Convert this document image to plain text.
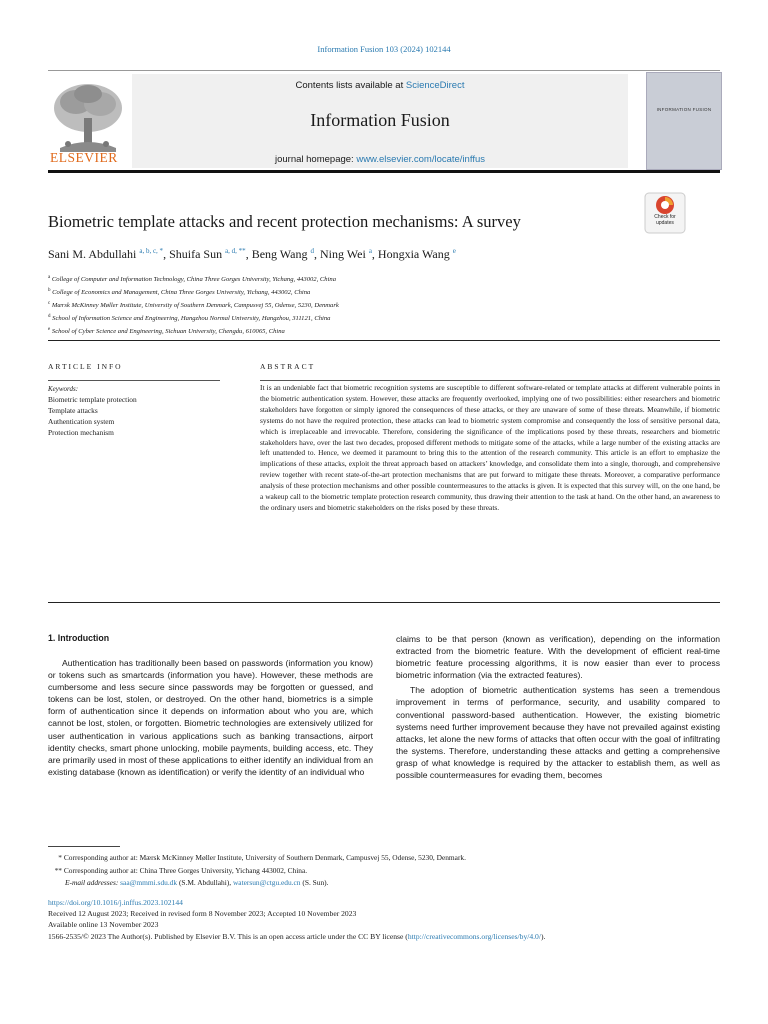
Information Fusion 103 (2024) 102144
ELSEVIER
Contents lists available at ScienceDirect
Information Fusion
journal homepage: www.elsevier.com/locate/inffus
INFORMATION FUSION
Biometric template attacks and recent protection mechanisms: A survey	Check for
updates
Sani M. Abdullahi $^{a, b, c, *}$, Shuifa Sun $^{a, d, **}$, Beng Wang $^d$, Ning Wei $^a$, Hongxia Wang $^e$
$^a$ College of Computer and Information Technology, China Three Gorges University, Yichang, 443002, China
$^b$ College of Economics and Management, China Three Gorges University, Yichang, 443002, China
$^c$ Mærsk McKinney Møller Institute, University of Southern Denmark, Campusvej 55, Odense, 5230, Denmark
$^d$ School of Information Science and Engineering, Hangzhou Normal University, Hangzhou, 311121, China
$^e$ School of Cyber Science and Engineering, Sichuan University, Chengdu, 610065, China
ARTICLE INFO
Keywords:
Biometric template protection
Template attacks
Authentication system
Protection mechanism
ABSTRACT
It is an undeniable fact that biometric recognition systems are susceptible to different software-related or template attacks at different vulnerable points in the biometric authentication system. However, these attacks are frequently overlooked, implying one of two possibilities: either researchers and biometric stakeholders have forgotten or simply ignored the consequences of these attacks, or they are unaware of some of these threats. Meanwhile, if biometric systems do not have the required protection, these attacks can lead to biometric system compromise and consequently the loss of sensitive personal data, which is irreplaceable and irrevocable. Therefore, considering the significance of the implications posed by these threats, researchers and biometric stakeholders have, over the last two decades, proposed different methods to mitigate some of the attacks, while a large number of the existing attacks are left unattended to. Hence, we deemed it paramount to bring this to the attention of the research community. This article is an effort to emphasize the implications of these attacks, exploit the threat approach based on attackers’ knowledge, and consolidate them into a single, thorough, and comprehensive review together with recent state-of-the-art protection mechanisms that are put forward to mitigate these threats. Moreover, a comparative performance analysis of these protection mechanisms and other possible countermeasures to the attacks is given. It is expected that this survey will, on the one hand, be a wakeup call to the biometric template protection research community, thus drawing their attention to the task at hand. On the other hand, an awareness to the ordinary users and biometric stakeholders on the risks posed by these threats.
1. Introduction

Authentication has traditionally been based on passwords (information you know) or tokens such as smartcards (information you have). However, these methods are cumbersome and less secure since passwords may be forgotten or guessed, and tokens can be lost, stolen, or destroyed. On the other hand, biometrics is a simple form of authentication since it depends on information about who you are, which cannot be lost, stolen, or forgotten. Biometric technologies are extensively utilized for user authentication in various applications such as banking transactions, airport identity checks, smart phone unlocking, mobile payments, building access, etc. They are primarily used in most of these applications to either identify an individual from an existing database (known as identification) or verify the identity of an individual who

claims to be that person (known as verification), depending on the information extracted from the biometric feature. With the development of efficient real-time biometric feature processing algorithms, it is now easier than ever to process biometric information (via the extracted features).

The adoption of biometric authentication systems has seen a tremendous improvement in terms of performance, security, and usability compared to conventional password-based authentication. However, the existing biometric systems need further improvement because they have not prevailed against existing attacks, let alone the new forms of attacks that often occur with the goal of infiltrating the systems. Therefore, understanding these attacks and getting a comprehensive grasp of what knowledge is required by the attacker to establish them, as well as possible countermeasures for evading them, becomes

* Corresponding author at: Mærsk McKinney Møller Institute, University of Southern Denmark, Campusvej 55, Odense, 5230, Denmark.
** Corresponding author at: China Three Gorges University, Yichang 443002, China.
E-mail addresses: saa@mmmi.sdu.dk (S.M. Abdullahi), watersun@ctgu.edu.cn (S. Sun).
https://doi.org/10.1016/j.inffus.2023.102144
Received 12 August 2023; Received in revised form 8 November 2023; Accepted 10 November 2023
Available online 13 November 2023
1566-2535/© 2023 The Author(s). Published by Elsevier B.V. This is an open access article under the CC BY license (http://creativecommons.org/licenses/by/4.0/).
